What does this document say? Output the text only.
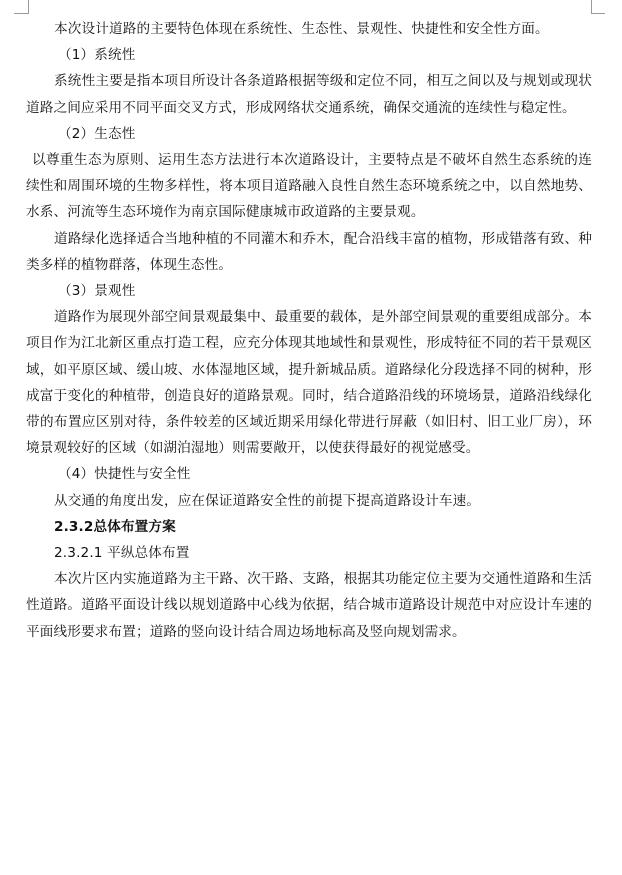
本次设计道路的主要特色体现在系统性、生态性、景观性、快捷性和安全性方面。

（1）系统性

系统性主要是指本项目所设计各条道路根据等级和定位不同，相互之间以及与规划或现状道路之间应采用不同平面交叉方式，形成网络状交通系统，确保交通流的连续性与稳定性。

（2）生态性

以尊重生态为原则、运用生态方法进行本次道路设计，主要特点是不破坏自然生态系统的连续性和周围环境的生物多样性，将本项目道路融入良性自然生态环境系统之中，以自然地势、水系、河流等生态环境作为南京国际健康城市政道路的主要景观。

道路绿化选择适合当地种植的不同灌木和乔木，配合沿线丰富的植物，形成错落有致、种类多样的植物群落，体现生态性。

（3）景观性

道路作为展现外部空间景观最集中、最重要的载体，是外部空间景观的重要组成部分。本项目作为江北新区重点打造工程，应充分体现其地域性和景观性，形成特征不同的若干景观区域，如平原区域、缓山坡、水体湿地区域，提升新城品质。道路绿化分段选择不同的树种，形成富于变化的种植带，创造良好的道路景观。同时，结合道路沿线的环境场景，道路沿线绿化带的布置应区别对待，条件较差的区域近期采用绿化带进行屏蔽（如旧村、旧工业厂房），环境景观较好的区域（如湖泊湿地）则需要敞开，以使获得最好的视觉感受。

（4）快捷性与安全性

从交通的角度出发，应在保证道路安全性的前提下提高道路设计车速。

2.3.2总体布置方案

2.3.2.1 平纵总体布置

本次片区内实施道路为主干路、次干路、支路，根据其功能定位主要为交通性道路和生活性道路。道路平面设计线以规划道路中心线为依据，结合城市道路设计规范中对应设计车速的平面线形要求布置；道路的竖向设计结合周边场地标高及竖向规划需求。
